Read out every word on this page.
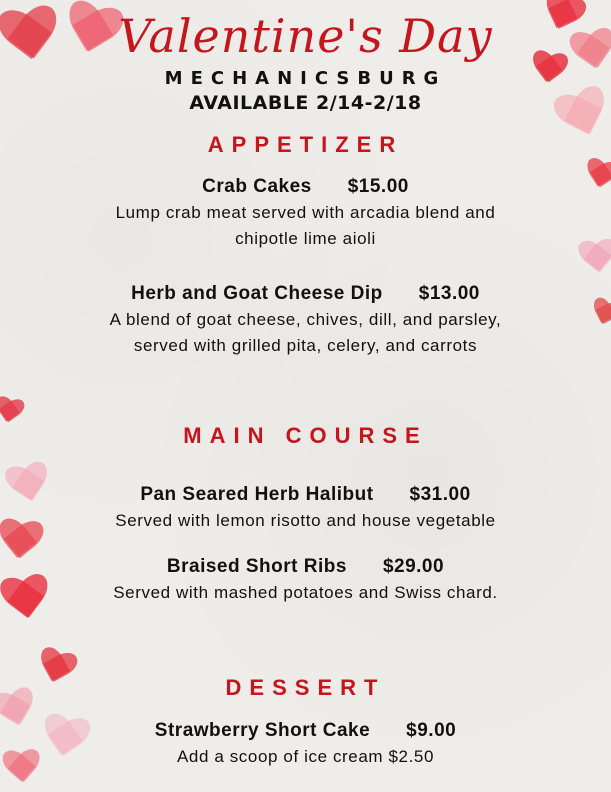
Valentine's Day
MECHANICSBURG
AVAILABLE 2/14-2/18
APPETIZER
Crab Cakes $15.00
Lump crab meat served with arcadia blend and
chipotle lime aioli
Herb and Goat Cheese Dip $13.00
A blend of goat cheese, chives, dill, and parsley,
served with grilled pita, celery, and carrots
MAIN COURSE
Pan Seared Herb Halibut $31.00
Served with lemon risotto and house vegetable
Braised Short Ribs $29.00
Served with mashed potatoes and Swiss chard.
DESSERT
Strawberry Short Cake $9.00
Add a scoop of ice cream $2.50
